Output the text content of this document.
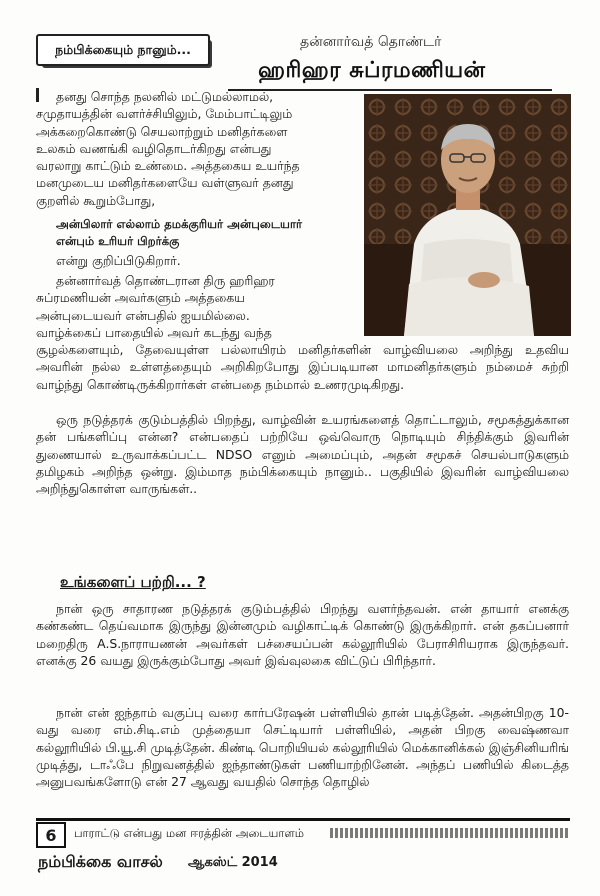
நம்பிக்கையும் நானும்...	தன்னார்வத் தொண்டர்
ஹரிஹர சுப்ரமணியன்
தனது சொந்த நலனில் மட்டுமல்லாமல்,
சமுதாயத்தின் வளர்ச்சியிலும், மேம்பாட்டிலும்
அக்கறைகொண்டு செயலாற்றும் மனிதர்களை
உலகம் வணங்கி வழிதொடர்கிறது என்பது
வரலாறு காட்டும் உண்மை. அத்தகைய உயர்ந்த
மனமுடைய மனிதர்களையே வள்ளுவர் தனது
குறளில் கூறும்போது,
அன்பிலார் எல்லாம் தமக்குரியர் அன்புடையார்
என்பும் உரியர் பிறர்க்கு
என்று குறிப்பிடுகிறார்.
தன்னார்வத் தொண்டரான திரு ஹரிஹர
சுப்ரமணியன் அவர்களும் அத்தகைய
அன்புடையவர் என்பதில் ஐயமில்லை.
வாழ்க்கைப் பாதையில் அவர் கடந்து வந்த
சூழல்களையும், தேவையுள்ள பல்லாயிரம் மனிதர்களின் வாழ்வியலை அறிந்து உதவிய அவரின் நல்ல உள்ளத்தையும் அறிகிறபோது இப்படியான மாமனிதர்களும் நம்மைச் சுற்றி வாழ்ந்து கொண்டிருக்கிறார்கள் என்பதை நம்மால் உணரமுடிகிறது.
ஒரு நடுத்தரக் குடும்பத்தில் பிறந்து, வாழ்வின் உயரங்களைத் தொட்டாலும், சமூகத்துக்கான தன் பங்களிப்பு என்ன? என்பதைப் பற்றியே ஒவ்வொரு நொடியும் சிந்திக்கும் இவரின் துணையால் உருவாக்கப்பட்ட NDSO எனும் அமைப்பும், அதன் சமூகச் செயல்பாடுகளும் தமிழகம் அறிந்த ஒன்று. இம்மாத நம்பிக்கையும் நானும்.. பகுதியில் இவரின் வாழ்வியலை அறிந்துகொள்ள வாருங்கள்..
உங்களைப் பற்றி... ?
நான் ஒரு சாதாரண நடுத்தரக் குடும்பத்தில் பிறந்து வளர்ந்தவன். என் தாயார் எனக்கு கண்கண்ட தெய்வமாக இருந்து இன்னமும் வழிகாட்டிக் கொண்டு இருக்கிறார். என் தகப்பனார் மறைதிரு A.S.நாராயணன் அவர்கள் பச்சையப்பன் கல்லூரியில் பேராசிரியராக இருந்தவர். எனக்கு 26 வயது இருக்கும்போது அவர் இவ்வுலகை விட்டுப் பிரிந்தார்.
நான் என் ஐந்தாம் வகுப்பு வரை கார்பரேஷன் பள்ளியில் தான் படித்தேன். அதன்பிறகு 10-வது வரை எம்.சிடி.எம் முத்தையா செட்டியார் பள்ளியில், அதன் பிறகு வைஷ்ணவா கல்லூரியில் பி.யூ.சி முடித்தேன். கிண்டி பொறியியல் கல்லூரியில் மெக்கானிக்கல் இஞ்சினியரிங் முடித்து, டாஃபே நிறுவனத்தில் ஐந்தாண்டுகள் பணியாற்றினேன். அந்தப் பணியில் கிடைத்த அனுபவங்களோடு என் 27 ஆவது வயதில் சொந்த தொழில்
6	பாராட்டு என்பது மன ஈரத்தின் அடையாளம்
நம்பிக்கை வாசல் ஆகஸ்ட் 2014
